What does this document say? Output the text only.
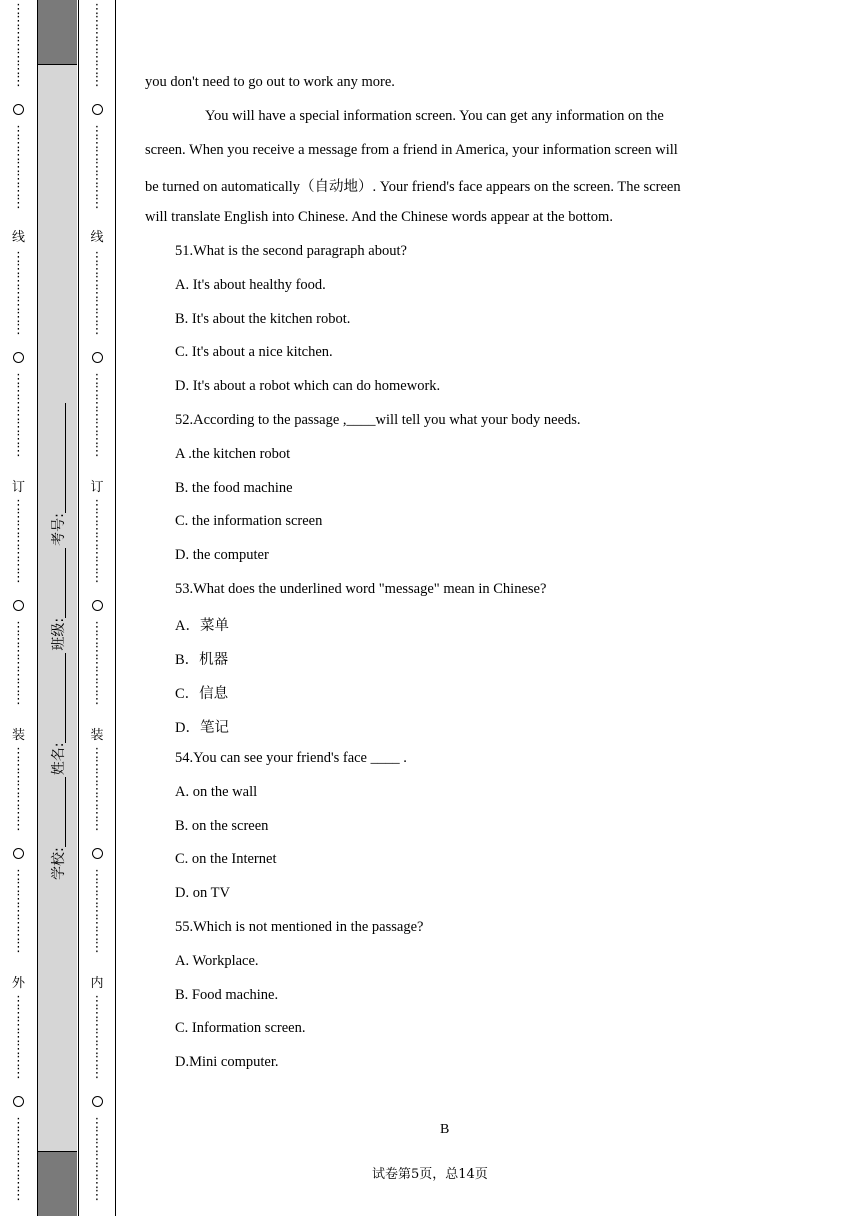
⋮
⋮
⋮
⋮
⋮
⋮
⋮
⋮
⋮
⋮
⋮
⋮
⋮
⋮
线
⋮
⋮
⋮
⋮
⋮
⋮
⋮
⋮
⋮
⋮
⋮
⋮
⋮
⋮
订
⋮
⋮
⋮
⋮
⋮
⋮
⋮
⋮
⋮
⋮
⋮
⋮
⋮
⋮
装
⋮
⋮
⋮
⋮
⋮
⋮
⋮
⋮
⋮
⋮
⋮
⋮
⋮
⋮
外
⋮
⋮
⋮
⋮
⋮
⋮
⋮
⋮
⋮
⋮
⋮
⋮
⋮
⋮
学校:
姓名:
班级:
考号:
⋮
⋮
⋮
⋮
⋮
⋮
⋮
⋮
⋮
⋮
⋮
⋮
⋮
⋮
线
⋮
⋮
⋮
⋮
⋮
⋮
⋮
⋮
⋮
⋮
⋮
⋮
⋮
⋮
订
⋮
⋮
⋮
⋮
⋮
⋮
⋮
⋮
⋮
⋮
⋮
⋮
⋮
⋮
装
⋮
⋮
⋮
⋮
⋮
⋮
⋮
⋮
⋮
⋮
⋮
⋮
⋮
⋮
内
⋮
⋮
⋮
⋮
⋮
⋮
⋮
⋮
⋮
⋮
⋮
⋮
⋮
⋮
you don't need to go out to work any more.
You will have a special information screen. You can get any information on the
screen. When you receive a message from a friend in America, your information screen will
be turned on automatically（自动地）. Your friend's face appears on the screen. The screen
will translate English into Chinese. And the Chinese words appear at the bottom.
51.What is the second paragraph about?
A. It's about healthy food.
B. It's about the kitchen robot.
C. It's about a nice kitchen.
D. It's about a robot which can do homework.
52.According to the passage ,____will tell you what your body needs.
A .the kitchen robot
B. the food machine
C. the information screen
D. the computer
53.What does the underlined word "message" mean in Chinese?
A．菜单
B．机器
C．信息
D．笔记
54.You can see your friend's face ____ .
A. on the wall
B. on the screen
C. on the Internet
D. on TV
55.Which is not mentioned in the passage?
A. Workplace.
B. Food machine.
C. Information screen.
D.Mini computer.
B
试卷第5页，总14页
